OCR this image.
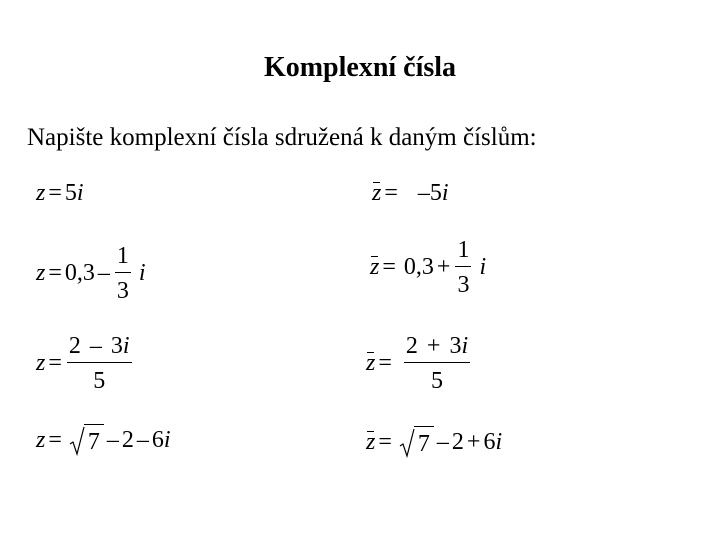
Komplexní čísla
Napište komplexní čísla sdružená k daným číslům:
z = 5 i	z = – 5 i
$z = 0,3 - \frac{1}{3}$ i	$z = 0,3 + \frac{1}{3}$ i
$z = \frac{2 - 3i}{5}$	$z = \frac{2 + 3i}{5}$
z = 7 – 2 – 6 i	z = 7 – 2 + 6 i
